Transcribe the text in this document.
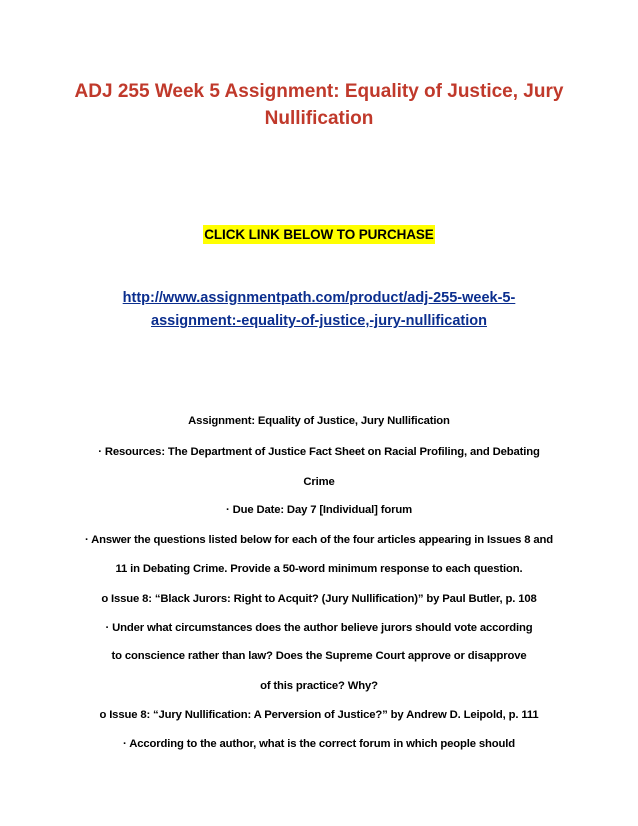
ADJ 255 Week 5 Assignment: Equality of Justice, Jury Nullification
CLICK LINK BELOW TO PURCHASE
http://www.assignmentpath.com/product/adj-255-week-5-assignment:-equality-of-justice,-jury-nullification
Assignment: Equality of Justice, Jury Nullification
· Resources: The Department of Justice Fact Sheet on Racial Profiling, and Debating
Crime
· Due Date: Day 7 [Individual] forum
· Answer the questions listed below for each of the four articles appearing in Issues 8 and
11 in Debating Crime. Provide a 50-word minimum response to each question.
o Issue 8: “Black Jurors: Right to Acquit? (Jury Nullification)” by Paul Butler, p. 108
· Under what circumstances does the author believe jurors should vote according
to conscience rather than law? Does the Supreme Court approve or disapprove
of this practice? Why?
o Issue 8: “Jury Nullification: A Perversion of Justice?” by Andrew D. Leipold, p. 111
· According to the author, what is the correct forum in which people should
